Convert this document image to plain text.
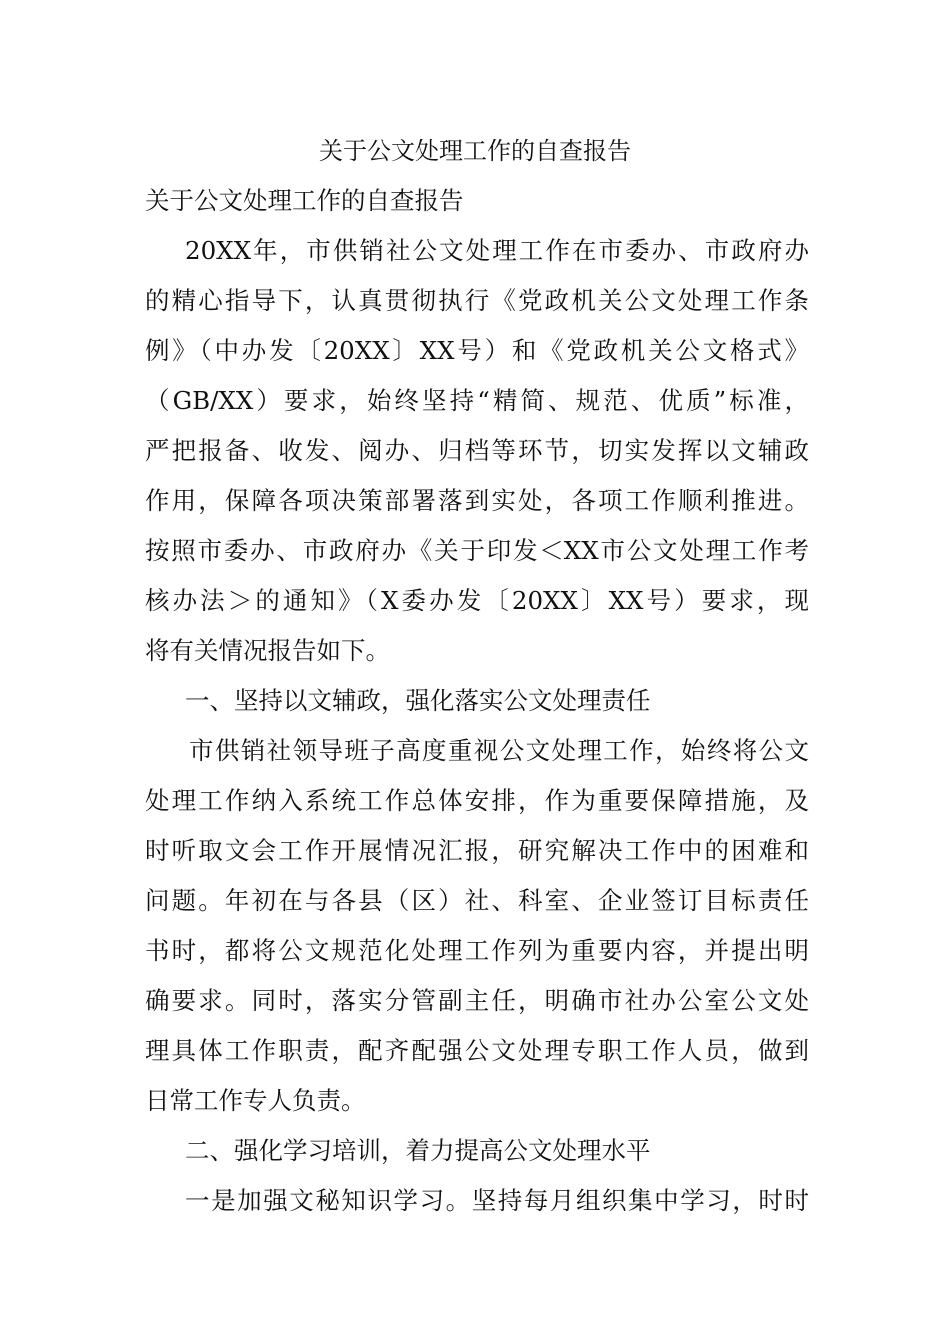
关于公文处理工作的自查报告
关于公文处理工作的自查报告
20XX年，市供销社公文处理工作在市委办、市政府办
的精心指导下，认真贯彻执行《党政机关公文处理工作条
例》（中办发〔20XX〕XX号）和《党政机关公文格式》
（GB/XX）要求，始终坚持“精简、规范、优质”标准，
严把报备、收发、阅办、归档等环节，切实发挥以文辅政
作用，保障各项决策部署落到实处，各项工作顺利推进。
按照市委办、市政府办《关于印发＜XX市公文处理工作考
核办法＞的通知》（X委办发〔20XX〕XX号）要求，现
将有关情况报告如下。
一、坚持以文辅政，强化落实公文处理责任
市供销社领导班子高度重视公文处理工作，始终将公文
处理工作纳入系统工作总体安排，作为重要保障措施，及
时听取文会工作开展情况汇报，研究解决工作中的困难和
问题。年初在与各县（区）社、科室、企业签订目标责任
书时，都将公文规范化处理工作列为重要内容，并提出明
确要求。同时，落实分管副主任，明确市社办公室公文处
理具体工作职责，配齐配强公文处理专职工作人员，做到
日常工作专人负责。
二、强化学习培训，着力提高公文处理水平
一是加强文秘知识学习。坚持每月组织集中学习，时时
